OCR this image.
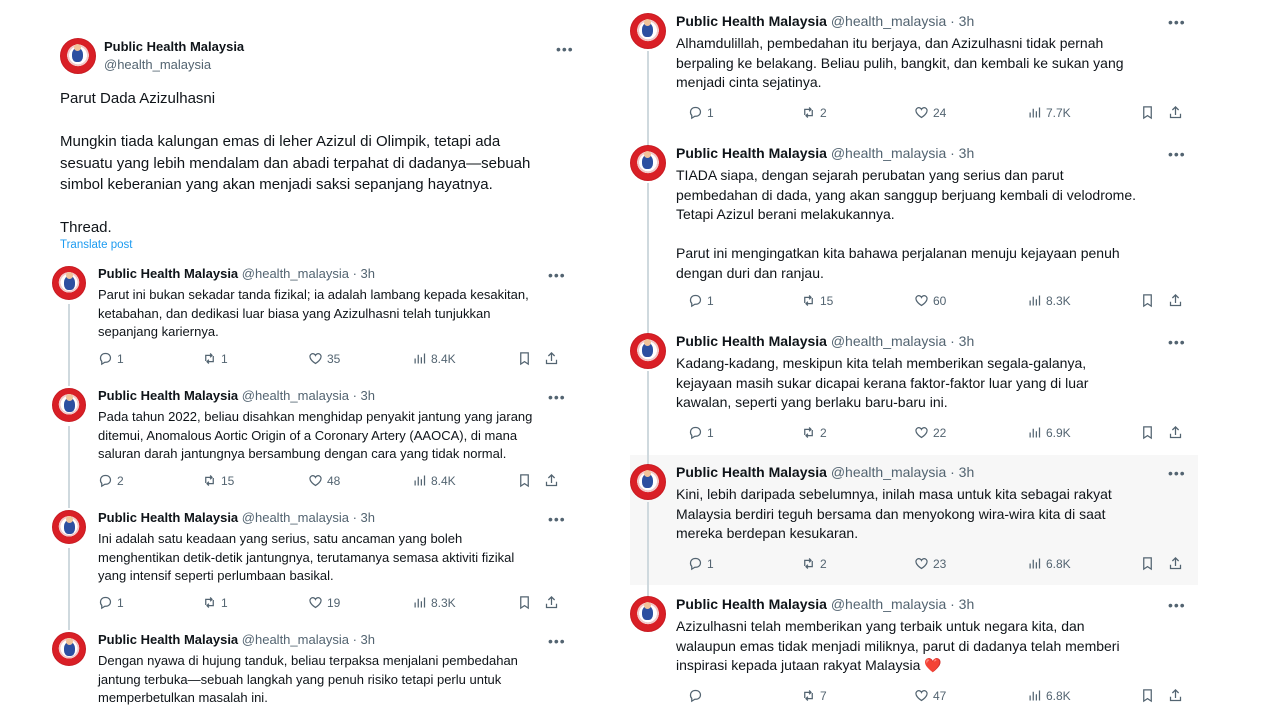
Public Health Malaysia
@health_malaysia
•••

Parut Dada Azizulhasni

Mungkin tiada kalungan emas di leher Azizul di Olimpik, tetapi ada
sesuatu yang lebih mendalam dan abadi terpahat di dadanya—sebuah
simbol keberanian yang akan menjadi saksi sepanjang hayatnya.

Thread.

Translate post
Public Health Malaysia @health_malaysia · 3h	•••

Parut ini bukan sekadar tanda fizikal; ia adalah lambang kepada kesakitan,
ketabahan, dan dedikasi luar biasa yang Azizulhasni telah tunjukkan
sepanjang kariernya.

1	1	35	8.4K
Public Health Malaysia @health_malaysia · 3h	•••

Pada tahun 2022, beliau disahkan menghidap penyakit jantung yang jarang
ditemui, Anomalous Aortic Origin of a Coronary Artery (AAOCA), di mana
saluran darah jantungnya bersambung dengan cara yang tidak normal.

2	15	48	8.4K
Public Health Malaysia @health_malaysia · 3h	•••

Ini adalah satu keadaan yang serius, satu ancaman yang boleh
menghentikan detik-detik jantungnya, terutamanya semasa aktiviti fizikal
yang intensif seperti perlumbaan basikal.

1	1	19	8.3K
Public Health Malaysia @health_malaysia · 3h	•••

Dengan nyawa di hujung tanduk, beliau terpaksa menjalani pembedahan
jantung terbuka—sebuah langkah yang penuh risiko tetapi perlu untuk
memperbetulkan masalah ini.

Public Health Malaysia @health_malaysia · 3h	•••

Alhamdulillah, pembedahan itu berjaya, dan Azizulhasni tidak pernah
berpaling ke belakang. Beliau pulih, bangkit, dan kembali ke sukan yang
menjadi cinta sejatinya.

1	2	24	7.7K
Public Health Malaysia @health_malaysia · 3h	•••

TIADA siapa, dengan sejarah perubatan yang serius dan parut
pembedahan di dada, yang akan sanggup berjuang kembali di velodrome.
Tetapi Azizul berani melakukannya.

Parut ini mengingatkan kita bahawa perjalanan menuju kejayaan penuh
dengan duri dan ranjau.

1	15	60	8.3K
Public Health Malaysia @health_malaysia · 3h	•••

Kadang-kadang, meskipun kita telah memberikan segala-galanya,
kejayaan masih sukar dicapai kerana faktor-faktor luar yang di luar
kawalan, seperti yang berlaku baru-baru ini.

1	2	22	6.9K
Public Health Malaysia @health_malaysia · 3h	•••

Kini, lebih daripada sebelumnya, inilah masa untuk kita sebagai rakyat
Malaysia berdiri teguh bersama dan menyokong wira-wira kita di saat
mereka berdepan kesukaran.

1	2	23	6.8K
Public Health Malaysia @health_malaysia · 3h	•••

Azizulhasni telah memberikan yang terbaik untuk negara kita, dan
walaupun emas tidak menjadi miliknya, parut di dadanya telah memberi
inspirasi kepada jutaan rakyat Malaysia ❤️

7	47	6.8K
